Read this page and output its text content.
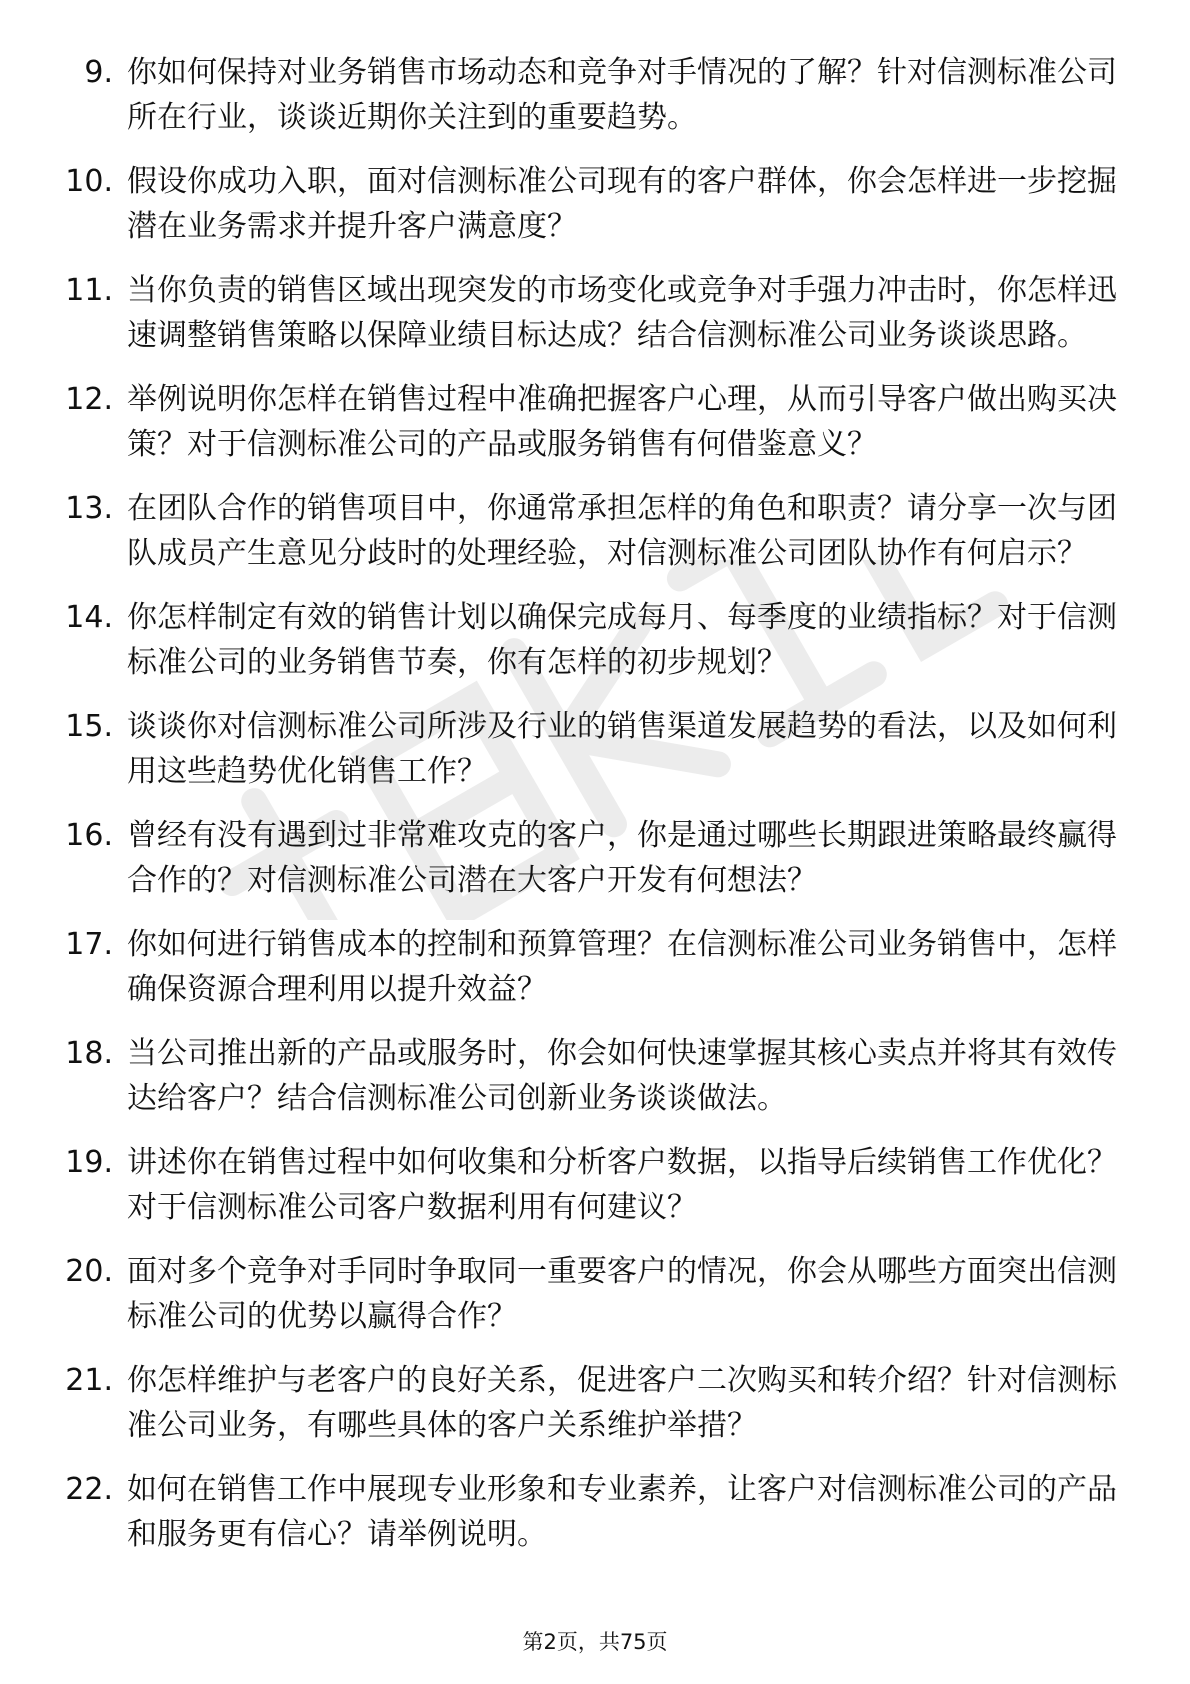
9. 你如何保持对业务销售市场动态和竞争对手情况的了解？针对信测标准公司所在行业，谈谈近期你关注到的重要趋势。
10. 假设你成功入职，面对信测标准公司现有的客户群体，你会怎样进一步挖掘潜在业务需求并提升客户满意度？
11. 当你负责的销售区域出现突发的市场变化或竞争对手强力冲击时，你怎样迅速调整销售策略以保障业绩目标达成？结合信测标准公司业务谈谈思路。
12. 举例说明你怎样在销售过程中准确把握客户心理，从而引导客户做出购买决策？对于信测标准公司的产品或服务销售有何借鉴意义？
13. 在团队合作的销售项目中，你通常承担怎样的角色和职责？请分享一次与团队成员产生意见分歧时的处理经验，对信测标准公司团队协作有何启示？
14. 你怎样制定有效的销售计划以确保完成每月、每季度的业绩指标？对于信测标准公司的业务销售节奏，你有怎样的初步规划？
15. 谈谈你对信测标准公司所涉及行业的销售渠道发展趋势的看法，以及如何利用这些趋势优化销售工作？
16. 曾经有没有遇到过非常难攻克的客户，你是通过哪些长期跟进策略最终赢得合作的？对信测标准公司潜在大客户开发有何想法？
17. 你如何进行销售成本的控制和预算管理？在信测标准公司业务销售中，怎样确保资源合理利用以提升效益？
18. 当公司推出新的产品或服务时，你会如何快速掌握其核心卖点并将其有效传达给客户？结合信测标准公司创新业务谈谈做法。
19. 讲述你在销售过程中如何收集和分析客户数据，以指导后续销售工作优化？对于信测标准公司客户数据利用有何建议？
20. 面对多个竞争对手同时争取同一重要客户的情况，你会从哪些方面突出信测标准公司的优势以赢得合作？
21. 你怎样维护与老客户的良好关系，促进客户二次购买和转介绍？针对信测标准公司业务，有哪些具体的客户关系维护举措？
22. 如何在销售工作中展现专业形象和专业素养，让客户对信测标准公司的产品和服务更有信心？请举例说明。
第2页，共75页
